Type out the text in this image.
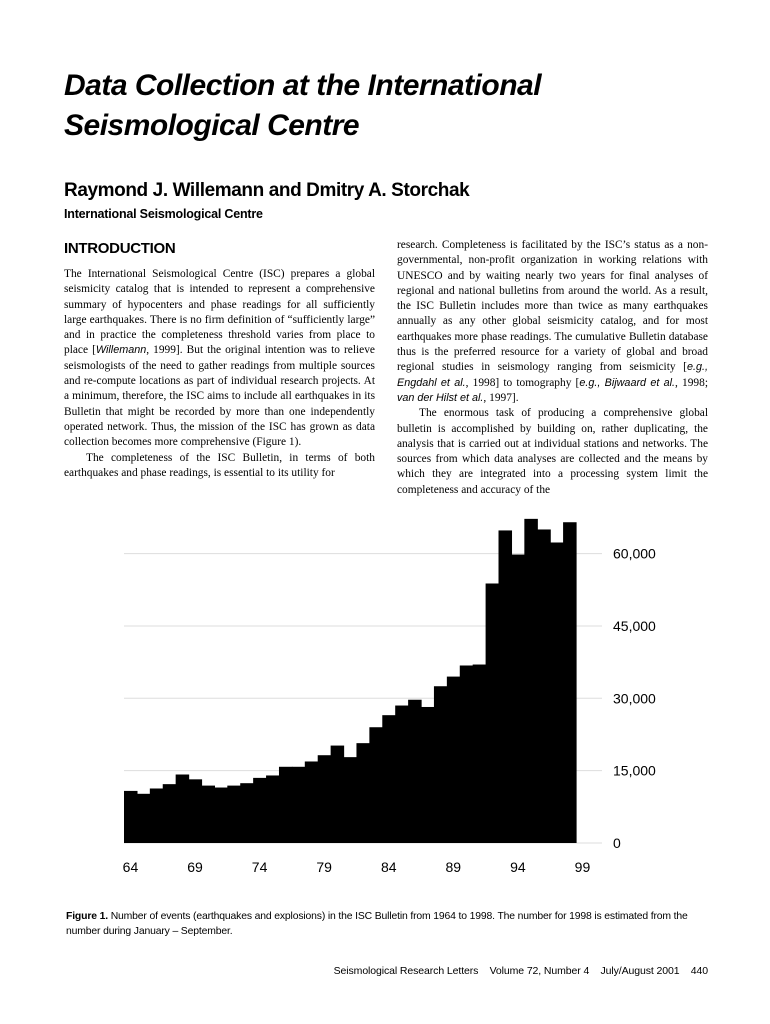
Data Collection at the International Seismological Centre
Raymond J. Willemann and Dmitry A. Storchak
International Seismological Centre
INTRODUCTION

The International Seismological Centre (ISC) prepares a global seismicity catalog that is intended to represent a comprehensive summary of hypocenters and phase readings for all sufficiently large earthquakes. There is no firm definition of “sufficiently large” and in practice the completeness threshold varies from place to place [Willemann, 1999]. But the original intention was to relieve seismologists of the need to gather readings from multiple sources and re-compute locations as part of individual research projects. At a minimum, therefore, the ISC aims to include all earthquakes in its Bulletin that might be recorded by more than one independently operated network. Thus, the mission of the ISC has grown as data collection becomes more comprehensive (Figure 1).

The completeness of the ISC Bulletin, in terms of both earthquakes and phase readings, is essential to its utility for

research. Completeness is facilitated by the ISC’s status as a non-governmental, non-profit organization in working relations with UNESCO and by waiting nearly two years for final analyses of regional and national bulletins from around the world. As a result, the ISC Bulletin includes more than twice as many earthquakes annually as any other global seismicity catalog, and for most earthquakes more phase readings. The cumulative Bulletin database thus is the preferred resource for a variety of global and broad regional studies in seismology ranging from seismicity [e.g., Engdahl et al., 1998] to tomography [e.g., Bijwaard et al., 1998; van der Hilst et al., 1997].

The enormous task of producing a comprehensive global bulletin is accomplished by building on, rather duplicating, the analysis that is carried out at individual stations and networks. The sources from which data analyses are collected and the means by which they are integrated into a processing system limit the completeness and accuracy of the

0
15,000
30,000
45,000
60,000
64	69	74	79	84	89	94	99
Figure 1. Number of events (earthquakes and explosions) in the ISC Bulletin from 1964 to 1998. The number for 1998 is estimated from the number during January – September.
Seismological Research Letters Volume 72, Number 4 July/August 2001 440
